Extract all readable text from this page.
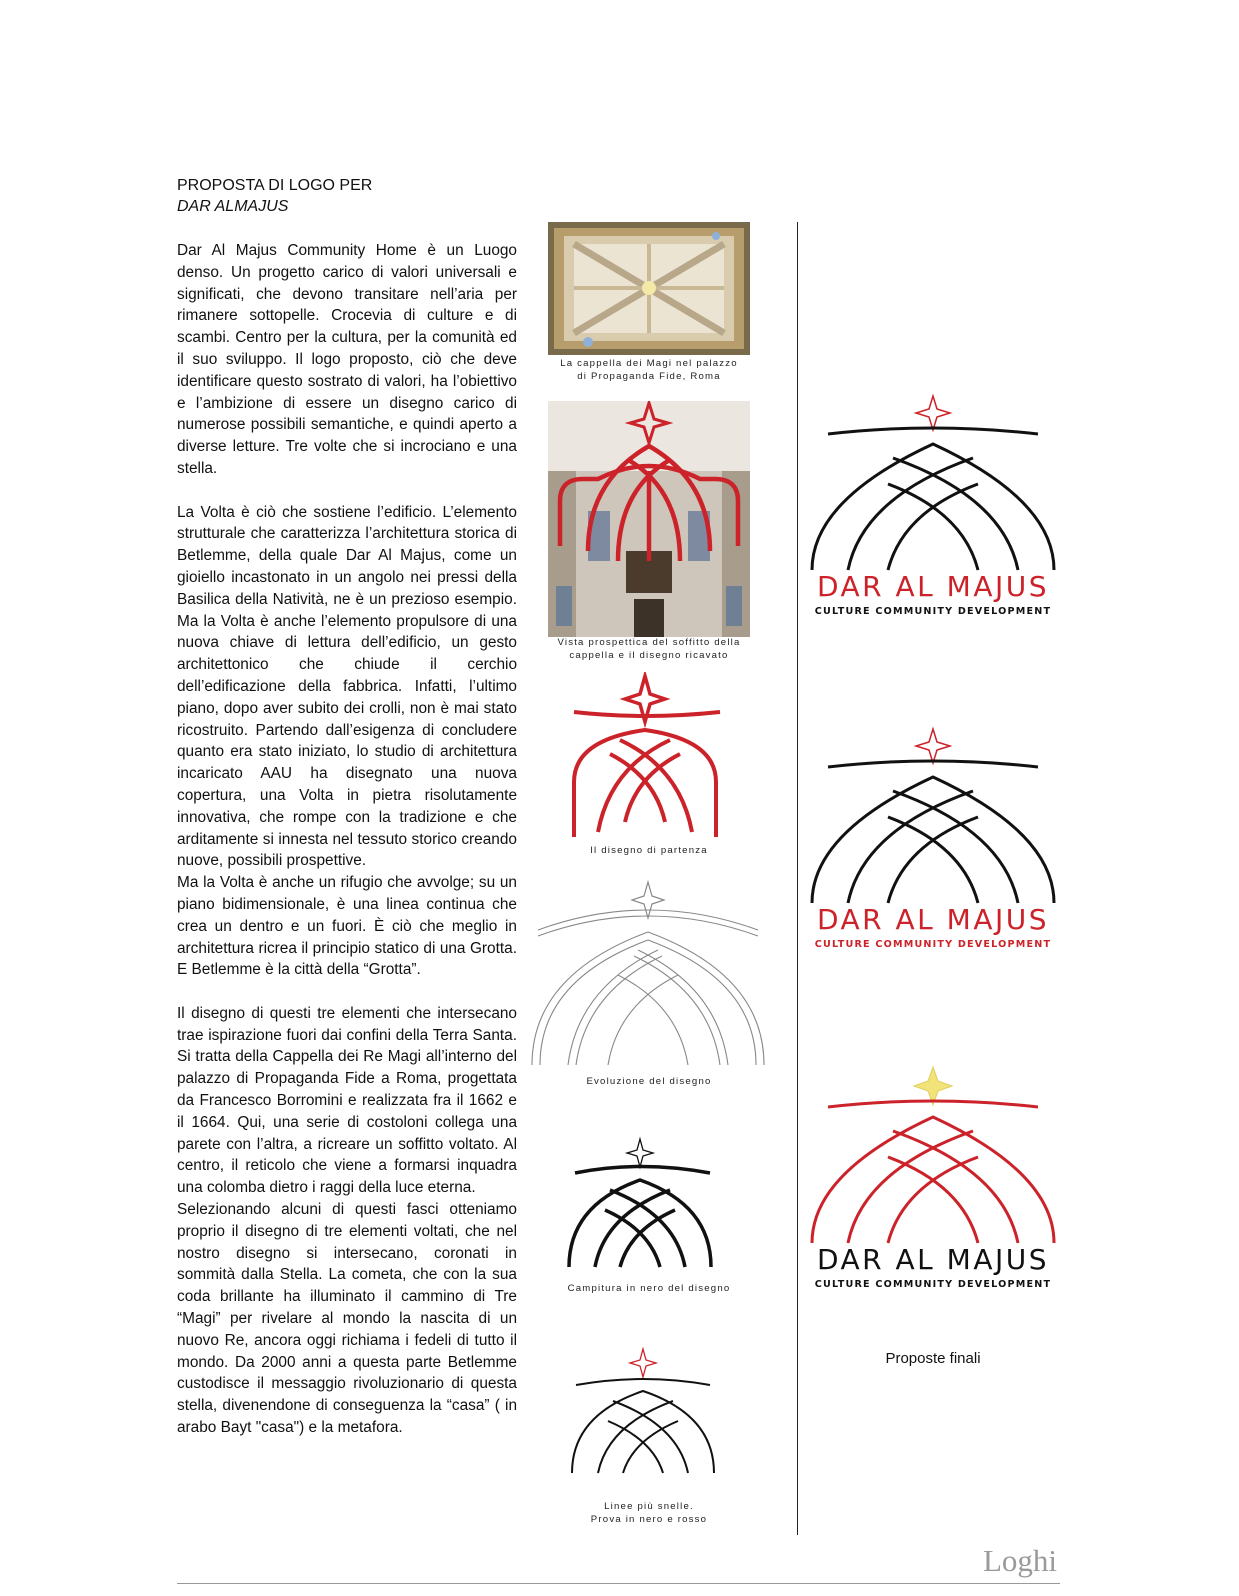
PROPOSTA DI LOGO PER
DAR ALMAJUS

Dar Al Majus Community Home è un Luogo denso. Un progetto carico di valori universali e significati, che devono transitare nell’aria per rimanere sottopelle. Crocevia di culture e di scambi. Centro per la cultura, per la comunità ed il suo sviluppo. Il logo proposto, ciò che deve identificare questo sostrato di valori, ha l’obiettivo e l’ambizione di essere un disegno carico di numerose possibili semantiche, e quindi aperto a diverse letture. Tre volte che si incrociano e una stella.

La Volta è ciò che sostiene l’edificio. L’elemento strutturale che caratterizza l’architettura storica di Betlemme, della quale Dar Al Majus, come un gioiello incastonato in un angolo nei pressi della Basilica della Natività, ne è un prezioso esempio. Ma la Volta è anche l’elemento propulsore di una nuova chiave di lettura dell’edificio, un gesto architettonico che chiude il cerchio dell’edificazione della fabbrica. Infatti, l’ultimo piano, dopo aver subito dei crolli, non è mai stato ricostruito. Partendo dall’esigenza di concludere quanto era stato iniziato, lo studio di architettura incaricato AAU ha disegnato una nuova copertura, una Volta in pietra risolutamente innovativa, che rompe con la tradizione e che arditamente si innesta nel tessuto storico creando nuove, possibili prospettive.

Ma la Volta è anche un rifugio che avvolge; su un piano bidimensionale, è una linea continua che crea un dentro e un fuori. È ciò che meglio in architettura ricrea il principio statico di una Grotta. E Betlemme è la città della “Grotta”.

Il disegno di questi tre elementi che intersecano trae ispirazione fuori dai confini della Terra Santa. Si tratta della Cappella dei Re Magi all’interno del palazzo di Propaganda Fide a Roma, progettata da Francesco Borromini e realizzata fra il 1662 e il 1664. Qui, una serie di costoloni collega una parete con l’altra, a ricreare un soffitto voltato. Al centro, il reticolo che viene a formarsi inquadra una colomba dietro i raggi della luce eterna.

Selezionando alcuni di questi fasci otteniamo proprio il disegno di tre elementi voltati, che nel nostro disegno si intersecano, coronati in sommità dalla Stella. La cometa, che con la sua coda brillante ha illuminato il cammino di Tre “Magi” per rivelare al mondo la nascita di un nuovo Re, ancora oggi richiama i fedeli di tutto il mondo. Da 2000 anni a questa parte Betlemme custodisce il messaggio rivoluzionario di questa stella, divenendone di conseguenza la “casa” ( in arabo Bayt "casa") e la metafora.

La cappella dei Magi nel palazzo
di Propaganda Fide, Roma
Vista prospettica del soffitto della
cappella e il disegno ricavato
Il disegno di partenza
Evoluzione del disegno
Campitura in nero del disegno
Linee più snelle.
Prova in nero e rosso
DAR AL MAJUS
CULTURE COMMUNITY DEVELOPMENT
DAR AL MAJUS
CULTURE COMMUNITY DEVELOPMENT
DAR AL MAJUS
CULTURE COMMUNITY DEVELOPMENT
Proposte finali
Loghi
